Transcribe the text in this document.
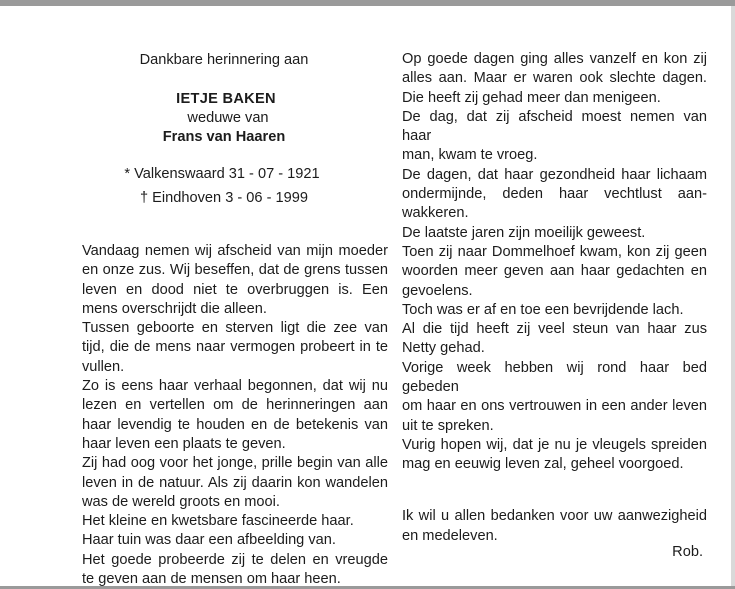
Dankbare herinnering aan
IETJE BAKEN
weduwe van
Frans van Haaren
* Valkenswaard 31 - 07 - 1921
† Eindhoven 3 - 06 - 1999
Vandaag nemen wij afscheid van mijn moeder
en onze zus. Wij beseffen, dat de grens tussen
leven en dood niet te overbruggen is. Een
mens overschrijdt die alleen.
Tussen geboorte en sterven ligt die zee van
tijd, die de mens naar vermogen probeert in te
vullen.
Zo is eens haar verhaal begonnen, dat wij nu
lezen en vertellen om de herinneringen aan
haar levendig te houden en de betekenis van
haar leven een plaats te geven.
Zij had oog voor het jonge, prille begin van alle
leven in de natuur. Als zij daarin kon wandelen
was de wereld groots en mooi.
Het kleine en kwetsbare fascineerde haar.
Haar tuin was daar een afbeelding van.
Het goede probeerde zij te delen en vreugde
te geven aan de mensen om haar heen.
Op goede dagen ging alles vanzelf en kon zij
alles aan. Maar er waren ook slechte dagen.
Die heeft zij gehad meer dan menigeen.
De dag, dat zij afscheid moest nemen van haar
man, kwam te vroeg.
De dagen, dat haar gezondheid haar lichaam
ondermijnde, deden haar vechtlust aan-
wakkeren.
De laatste jaren zijn moeilijk geweest.
Toen zij naar Dommelhoef kwam, kon zij geen
woorden meer geven aan haar gedachten en
gevoelens.
Toch was er af en toe een bevrijdende lach.
Al die tijd heeft zij veel steun van haar zus
Netty gehad.
Vorige week hebben wij rond haar bed gebeden
om haar en ons vertrouwen in een ander leven
uit te spreken.
Vurig hopen wij, dat je nu je vleugels spreiden
mag en eeuwig leven zal, geheel voorgoed.
Ik wil u allen bedanken voor uw aanwezigheid
en medeleven.
Rob.
